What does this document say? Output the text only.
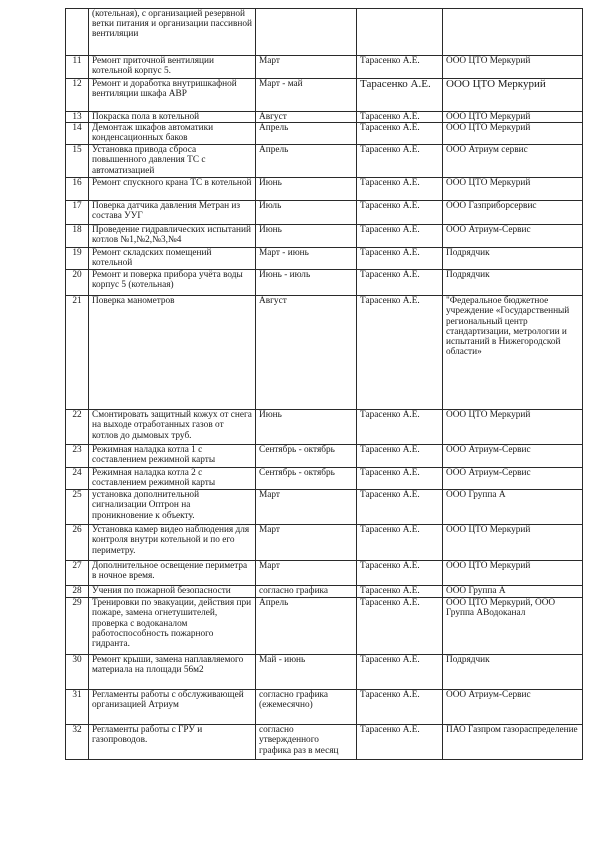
	(котельная), с организацией резервной ветки питания и организации пассивной вентиляции			
11	Ремонт приточной вентиляции котельной корпус 5.	Март	Тарасенко А.Е.	ООО ЦТО Меркурий
12	Ремонт и доработка внутришкафной вентиляции шкафа АВР	Март - май	Тарасенко А.Е.	ООО ЦТО Меркурий
13	Покраска пола в котельной	Август	Тарасенко А.Е.	ООО ЦТО Меркурий
14	Демонтаж шкафов автоматики конденсационных баков	Апрель	Тарасенко А.Е.	ООО ЦТО Меркурий
15	Установка привода сброса повышенного давления ТС с автоматизацией	Апрель	Тарасенко А.Е.	ООО Атриум сервис
16	Ремонт спускного крана ТС в котельной	Июнь	Тарасенко А.Е.	ООО ЦТО Меркурий
17	Поверка датчика давления Метран из состава УУГ	Июль	Тарасенко А.Е.	ООО Газприборсервис
18	Проведение гидравлических испытаний котлов №1,№2,№3,№4	Июнь	Тарасенко А.Е.	ООО Атриум-Сервис
19	Ремонт складских помещений котельной	Март - июнь	Тарасенко А.Е.	Подрядчик
20	Ремонт и поверка прибора учёта воды корпус 5 (котельная)	Июнь - июль	Тарасенко А.Е.	Подрядчик
21	Поверка манометров	Август	Тарасенко А.Е.	"Федеральное бюджетное учреждение «Государственный региональный центр стандартизации, метрологии и испытаний в Нижегородской области»
22	Смонтировать защитный кожух от снега на выходе отработанных газов от котлов до дымовых труб.	Июнь	Тарасенко А.Е.	ООО ЦТО Меркурий
23	Режимная наладка котла 1 с составлением режимной карты	Сентябрь - октябрь	Тарасенко А.Е.	ООО Атриум-Сервис
24	Режимная наладка котла 2 с составлением режимной карты	Сентябрь - октябрь	Тарасенко А.Е.	ООО Атриум-Сервис
25	установка дополнительной сигнализации Оптрон на проникновение к объекту.	Март	Тарасенко А.Е.	ООО Группа А
26	Установка камер видео наблюдения для контроля внутри котельной и по его периметру.	Март	Тарасенко А.Е.	ООО ЦТО Меркурий
27	Дополнительное освещение периметра в ночное время.	Март	Тарасенко А.Е.	ООО ЦТО Меркурий
28	Учения по пожарной безопасности	согласно графика	Тарасенко А.Е.	ООО Группа А
29	Тренировки по эвакуации, действия при пожаре, замена огнетушителей, проверка с водоканалом работоспособность пожарного гидранта.	Апрель	Тарасенко А.Е.	ООО ЦТО Меркурий, ООО Группа АВодоканал
30	Ремонт крыши, замена наплавляемого материала на площади 56м2	Май - июнь	Тарасенко А.Е.	Подрядчик
31	Регламенты работы с обслуживающей организацией Атриум	согласно графика (ежемесячно)	Тарасенко А.Е.	ООО Атриум-Сервис
32	Регламенты работы с ГРУ и газопроводов.	согласно утвержденного графика раз в месяц	Тарасенко А.Е.	ПАО Газпром газораспределение
